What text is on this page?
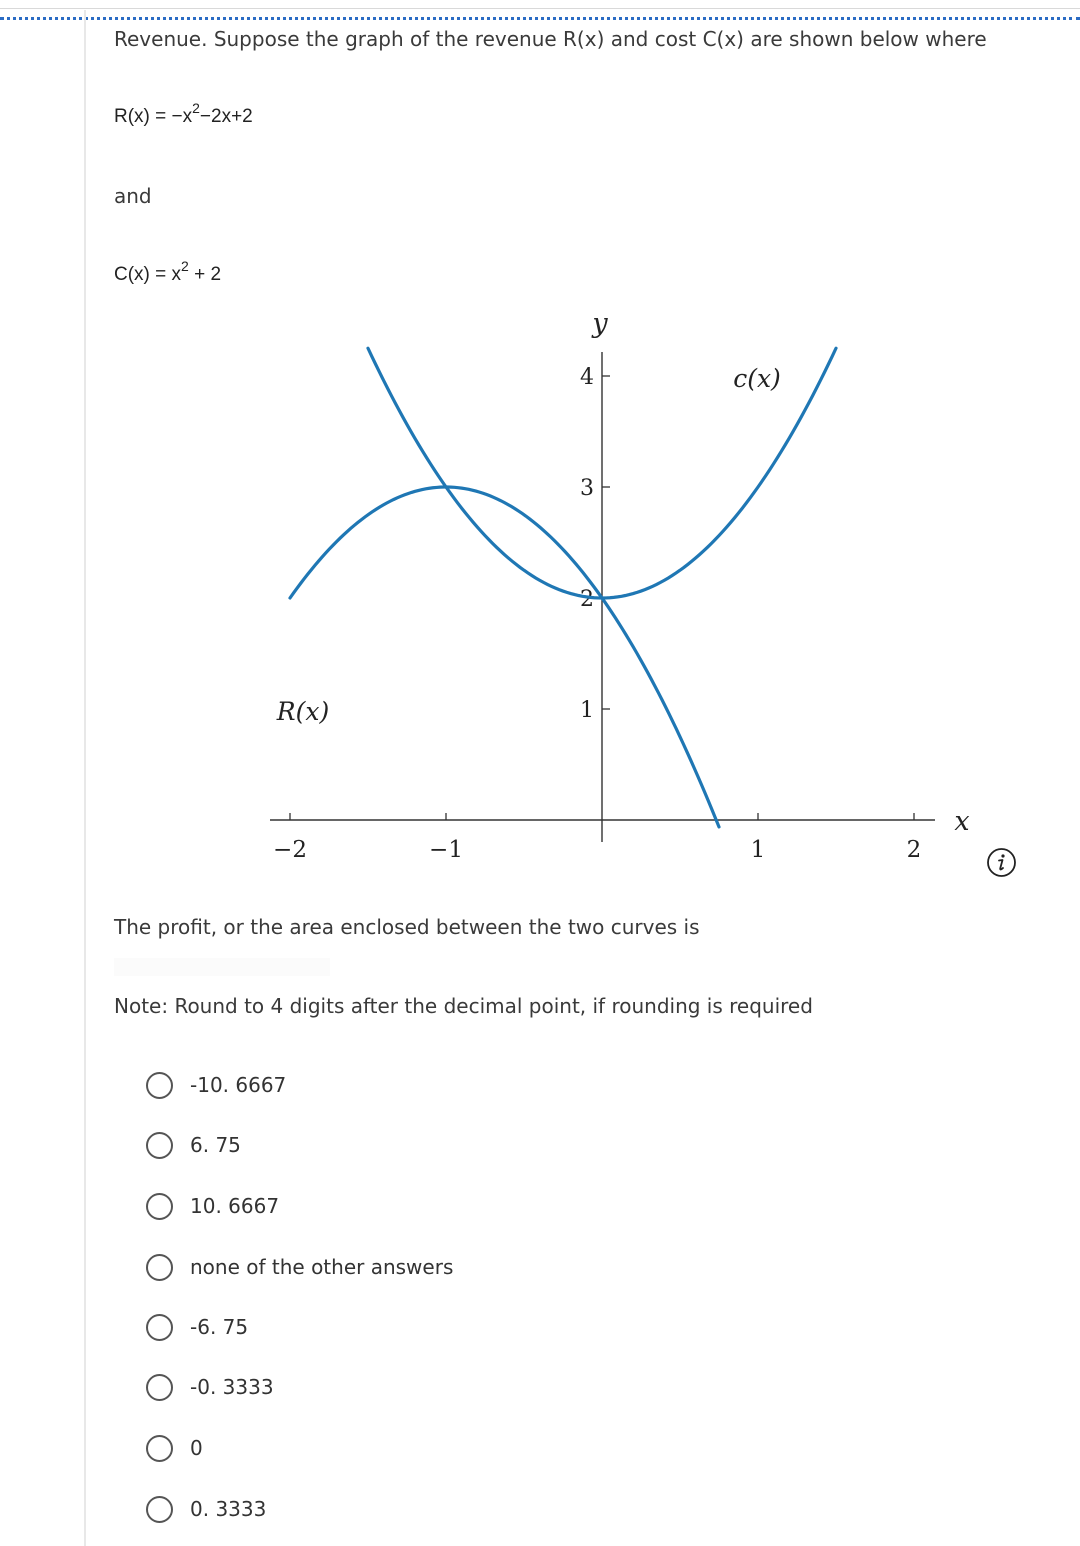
Revenue. Suppose the graph of the revenue R(x) and cost C(x) are shown below where
$R(x) = -x^2-2x+2$
and
$C(x) = x^2 + 2$
−2	−1	1	2
1
2
3
4
y
x
R(x)
c(x)
The profit, or the area enclosed between the two curves is
Note: Round to 4 digits after the decimal point, if rounding is required
-10. 6667
6. 75
10. 6667
none of the other answers
-6. 75
-0. 3333
0
0. 3333
